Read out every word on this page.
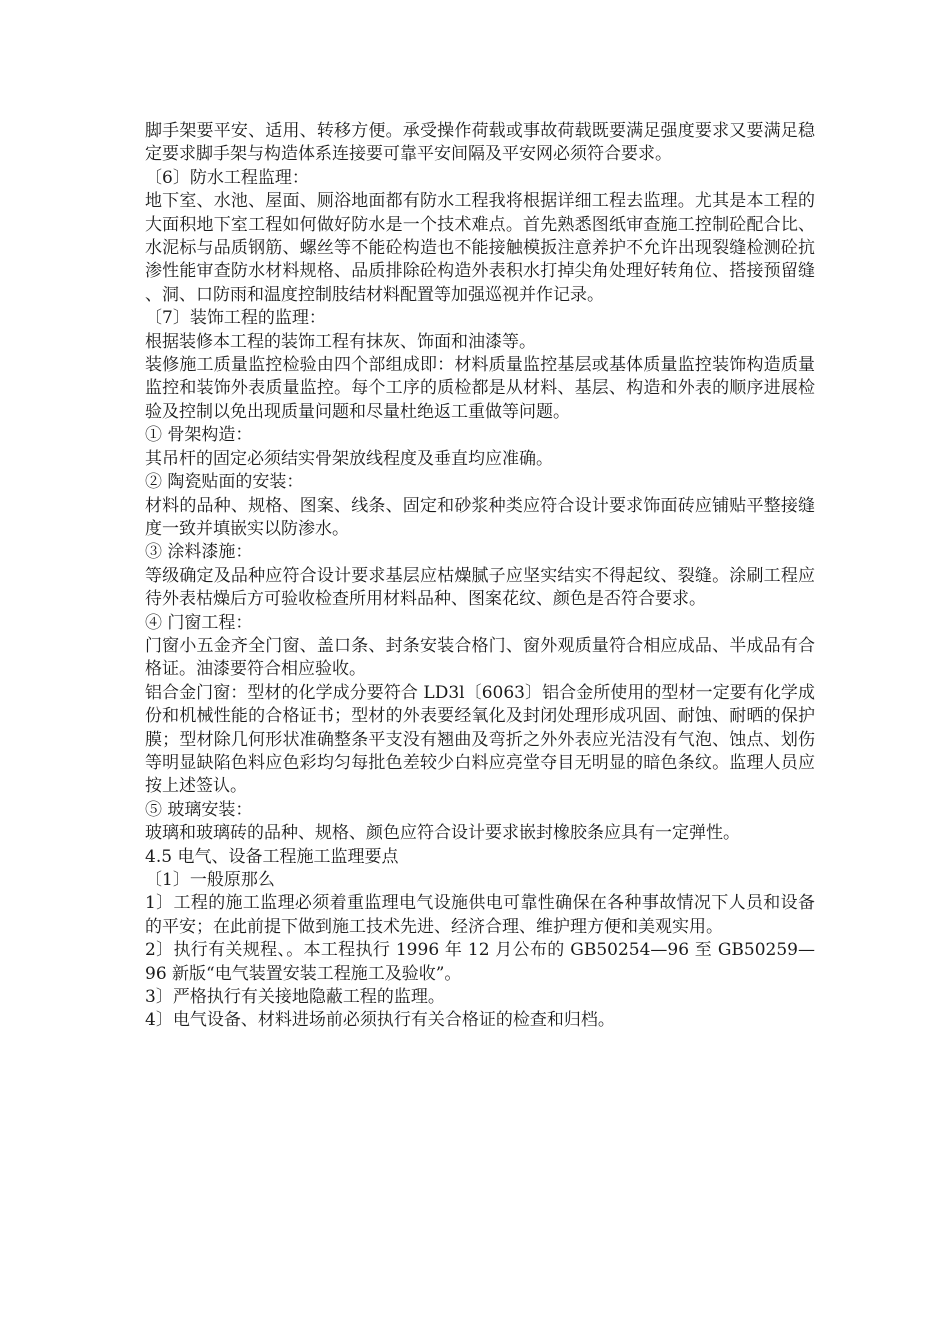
脚手架要平安、适用、转移方便。承受操作荷载或事故荷载既要满足强度要求又要满足稳定要求脚手架与构造体系连接要可靠平安间隔及平安网必须符合要求。

〔6〕防水工程监理：

地下室、水池、屋面、厕浴地面都有防水工程我将根据详细工程去监理。尤其是本工程的大面积地下室工程如何做好防水是一个技术难点。首先熟悉图纸审查施工控制砼配合比、水泥标与品质钢筋、螺丝等不能砼构造也不能接触模扳注意养护不允许出现裂缝检测砼抗渗性能审查防水材料规格、品质排除砼构造外表积水打掉尖角处理好转角位、搭接预留缝、洞、口防雨和温度控制肢结材料配置等加强巡视并作记录。

〔7〕装饰工程的监理：

根据装修本工程的装饰工程有抹灰、饰面和油漆等。

装修施工质量监控检验由四个部组成即：材料质量监控基层或基体质量监控装饰构造质量监控和装饰外表质量监控。每个工序的质检都是从材料、基层、构造和外表的顺序进展检验及控制以免出现质量问题和尽量杜绝返工重做等问题。

① 骨架构造：

其吊杆的固定必须结实骨架放线程度及垂直均应准确。

② 陶瓷贴面的安装：

材料的品种、规格、图案、线条、固定和砂浆种类应符合设计要求饰面砖应铺贴平整接缝度一致并填嵌实以防渗水。

③ 涂料漆施：

等级确定及品种应符合设计要求基层应枯燥腻子应坚实结实不得起纹、裂缝。涂刷工程应待外表枯燥后方可验收检查所用材料品种、图案花纹、颜色是否符合要求。

④ 门窗工程：

门窗小五金齐全门窗、盖口条、封条安装合格门、窗外观质量符合相应成品、半成品有合格证。油漆要符合相应验收。

铝合金门窗：型材的化学成分要符合 LD3l〔6063〕铝合金所使用的型材一定要有化学成份和机械性能的合格证书；型材的外表要经氧化及封闭处理形成巩固、耐蚀、耐晒的保护膜；型材除几何形状准确整条平支没有翘曲及弯折之外外表应光洁没有气泡、蚀点、划伤等明显缺陷色料应色彩均匀每批色差较少白料应亮堂夺目无明显的暗色条纹。监理人员应按上述签认。

⑤ 玻璃安装：

玻璃和玻璃砖的品种、规格、颜色应符合设计要求嵌封橡胶条应具有一定弹性。

4.5 电气、设备工程施工监理要点

〔1〕一般原那么

1〕工程的施工监理必须着重监理电气设施供电可靠性确保在各种事故情况下人员和设备的平安；在此前提下做到施工技术先进、经济合理、维护理方便和美观实用。

2〕执行有关规程、。本工程执行 1996 年 12 月公布的 GB50254—96 至 GB50259—96 新版“电气装置安装工程施工及验收”。

3〕严格执行有关接地隐蔽工程的监理。

4〕电气设备、材料进场前必须执行有关合格证的检查和归档。
